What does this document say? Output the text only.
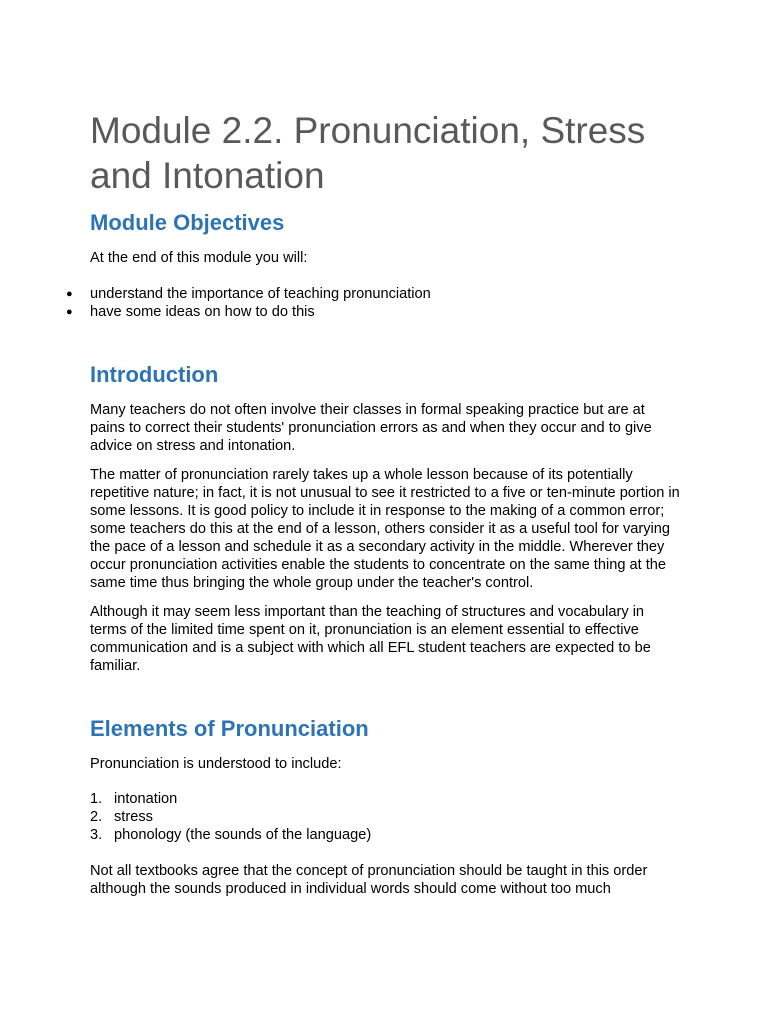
Module 2.2. Pronunciation, Stress and Intonation
Module Objectives

At the end of this module you will:

● understand the importance of teaching pronunciation
● have some ideas on how to do this
Introduction

Many teachers do not often involve their classes in formal speaking practice but are at pains to correct their students' pronunciation errors as and when they occur and to give advice on stress and intonation.

The matter of pronunciation rarely takes up a whole lesson because of its potentially repetitive nature; in fact, it is not unusual to see it restricted to a five or ten-minute portion in some lessons. It is good policy to include it in response to the making of a common error; some teachers do this at the end of a lesson, others consider it as a useful tool for varying the pace of a lesson and schedule it as a secondary activity in the middle. Wherever they occur pronunciation activities enable the students to concentrate on the same thing at the same time thus bringing the whole group under the teacher's control.

Although it may seem less important than the teaching of structures and vocabulary in terms of the limited time spent on it, pronunciation is an element essential to effective communication and is a subject with which all EFL student teachers are expected to be familiar.

Elements of Pronunciation

Pronunciation is understood to include:

1. intonation
2. stress
3. phonology (the sounds of the language)

Not all textbooks agree that the concept of pronunciation should be taught in this order although the sounds produced in individual words should come without too much
